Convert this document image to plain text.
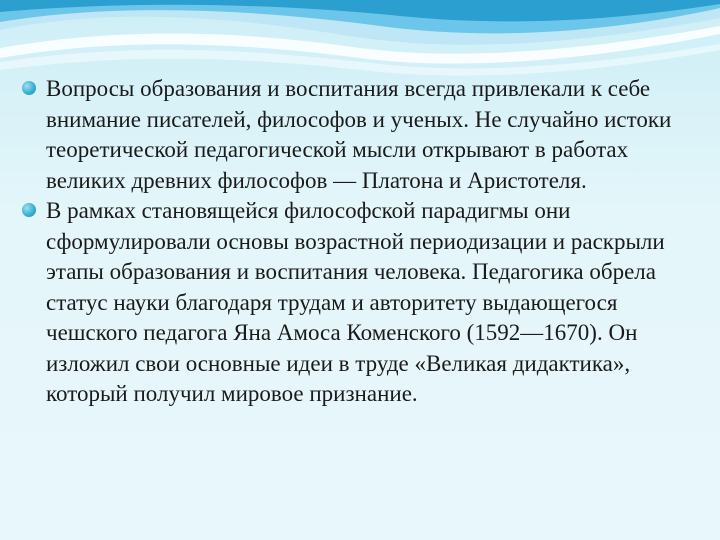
Вопросы образования и воспитания всегда привлекали к себе внимание писателей, философов и ученых. Не случайно истоки теоретической педагогической мысли открывают в работах великих древних философов — Платона и Аристотеля.
В рамках становящейся философской парадигмы они сформулировали основы возрастной периодизации и раскрыли этапы образования и воспитания человека. Педагогика обрела статус науки благодаря трудам и авторитету выдающегося чешского педагога Яна Амоса Коменского (1592—1670). Он изложил свои основные идеи в труде «Великая дидактика», который получил мировое признание.
